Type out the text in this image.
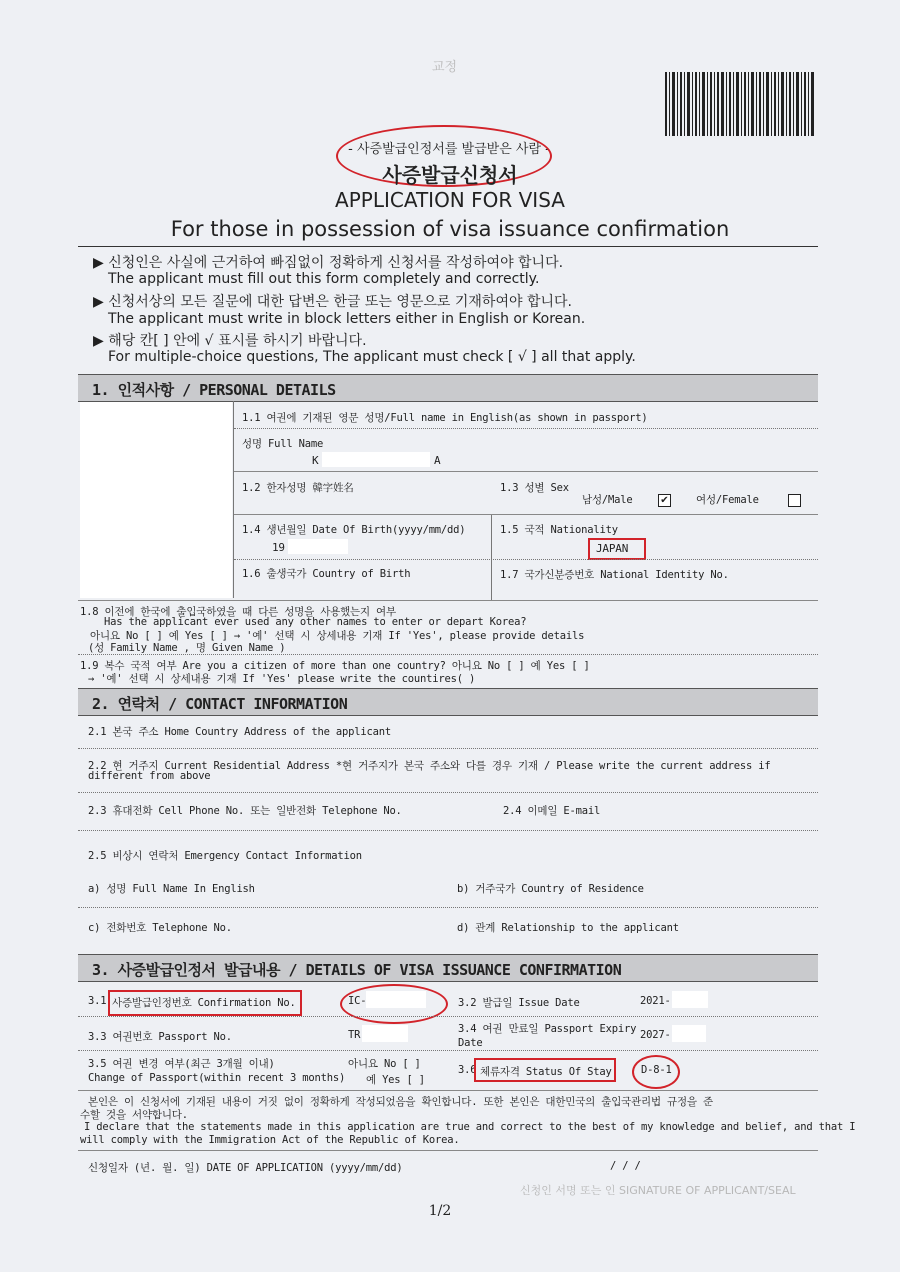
교정
- 사증발급인정서를 발급받은 사람 -
사증발급신청서
APPLICATION FOR VISA
For those in possession of visa issuance confirmation
▶ 신청인은 사실에 근거하여 빠짐없이 정확하게 신청서를 작성하여야 합니다.
The applicant must fill out this form completely and correctly.
▶ 신청서상의 모든 질문에 대한 답변은 한글 또는 영문으로 기재하여야 합니다.
The applicant must write in block letters either in English or Korean.
▶ 해당 칸[ ] 안에 √ 표시를 하시기 바랍니다.
For multiple-choice questions, The applicant must check [ √ ] all that apply.
1. 인적사항 / PERSONAL DETAILS
1.1 여권에 기재된 영문 성명/Full name in English(as shown in passport)
성명 Full Name
K	A
1.2 한자성명 韓字姓名	1.3 성별 Sex
남성/Male	✔	여성/Female
1.4 생년월일 Date Of Birth(yyyy/mm/dd)
19
1.5 국적 Nationality
JAPAN
1.6 출생국가 Country of Birth	1.7 국가신분증번호 National Identity No.
1.8 이전에 한국에 출입국하였을 때 다른 성명을 사용했는지 여부
Has the applicant ever used any other names to enter or depart Korea?
아니요 No [ ] 예 Yes [ ] → '예' 선택 시 상세내용 기재 If 'Yes', please provide details
(성 Family Name , 명 Given Name )
1.9 복수 국적 여부 Are you a citizen of more than one country? 아니요 No [ ] 예 Yes [ ]
→ '예' 선택 시 상세내용 기재 If 'Yes' please write the countires( )
2. 연락처 / CONTACT INFORMATION
2.1 본국 주소 Home Country Address of the applicant
2.2 현 거주지 Current Residential Address *현 거주지가 본국 주소와 다를 경우 기재 / Please write the current address if
different from above
2.3 휴대전화 Cell Phone No. 또는 일반전화 Telephone No.	2.4 이메일 E-mail
2.5 비상시 연락처 Emergency Contact Information
a) 성명 Full Name In English	b) 거주국가 Country of Residence
c) 전화번호 Telephone No.	d) 관계 Relationship to the applicant
3. 사증발급인정서 발급내용 / DETAILS OF VISA ISSUANCE CONFIRMATION
3.1 사증발급인정번호 Confirmation No.	IC-	3.2 발급일 Issue Date	2021-
3.3 여권번호 Passport No.	TR	3.4 여권 만료일 Passport Expiry
Date
2027-
3.5 여권 변경 여부(최근 3개월 이내)
Change of Passport(within recent 3 months)
아니요 No [ ]
예 Yes [ ]
3.6 체류자격 Status Of Stay	D-8-1
본인은 이 신청서에 기재된 내용이 거짓 없이 정확하게 작성되었음을 확인합니다. 또한 본인은 대한민국의 출입국관리법 규정을 준
수할 것을 서약합니다.
I declare that the statements made in this application are true and correct to the best of my knowledge and belief, and that I
will comply with the Immigration Act of the Republic of Korea.
신청일자 (년. 월. 일) DATE OF APPLICATION (yyyy/mm/dd)	/ / /
신청인 서명 또는 인 SIGNATURE OF APPLICANT/SEAL
1/2
